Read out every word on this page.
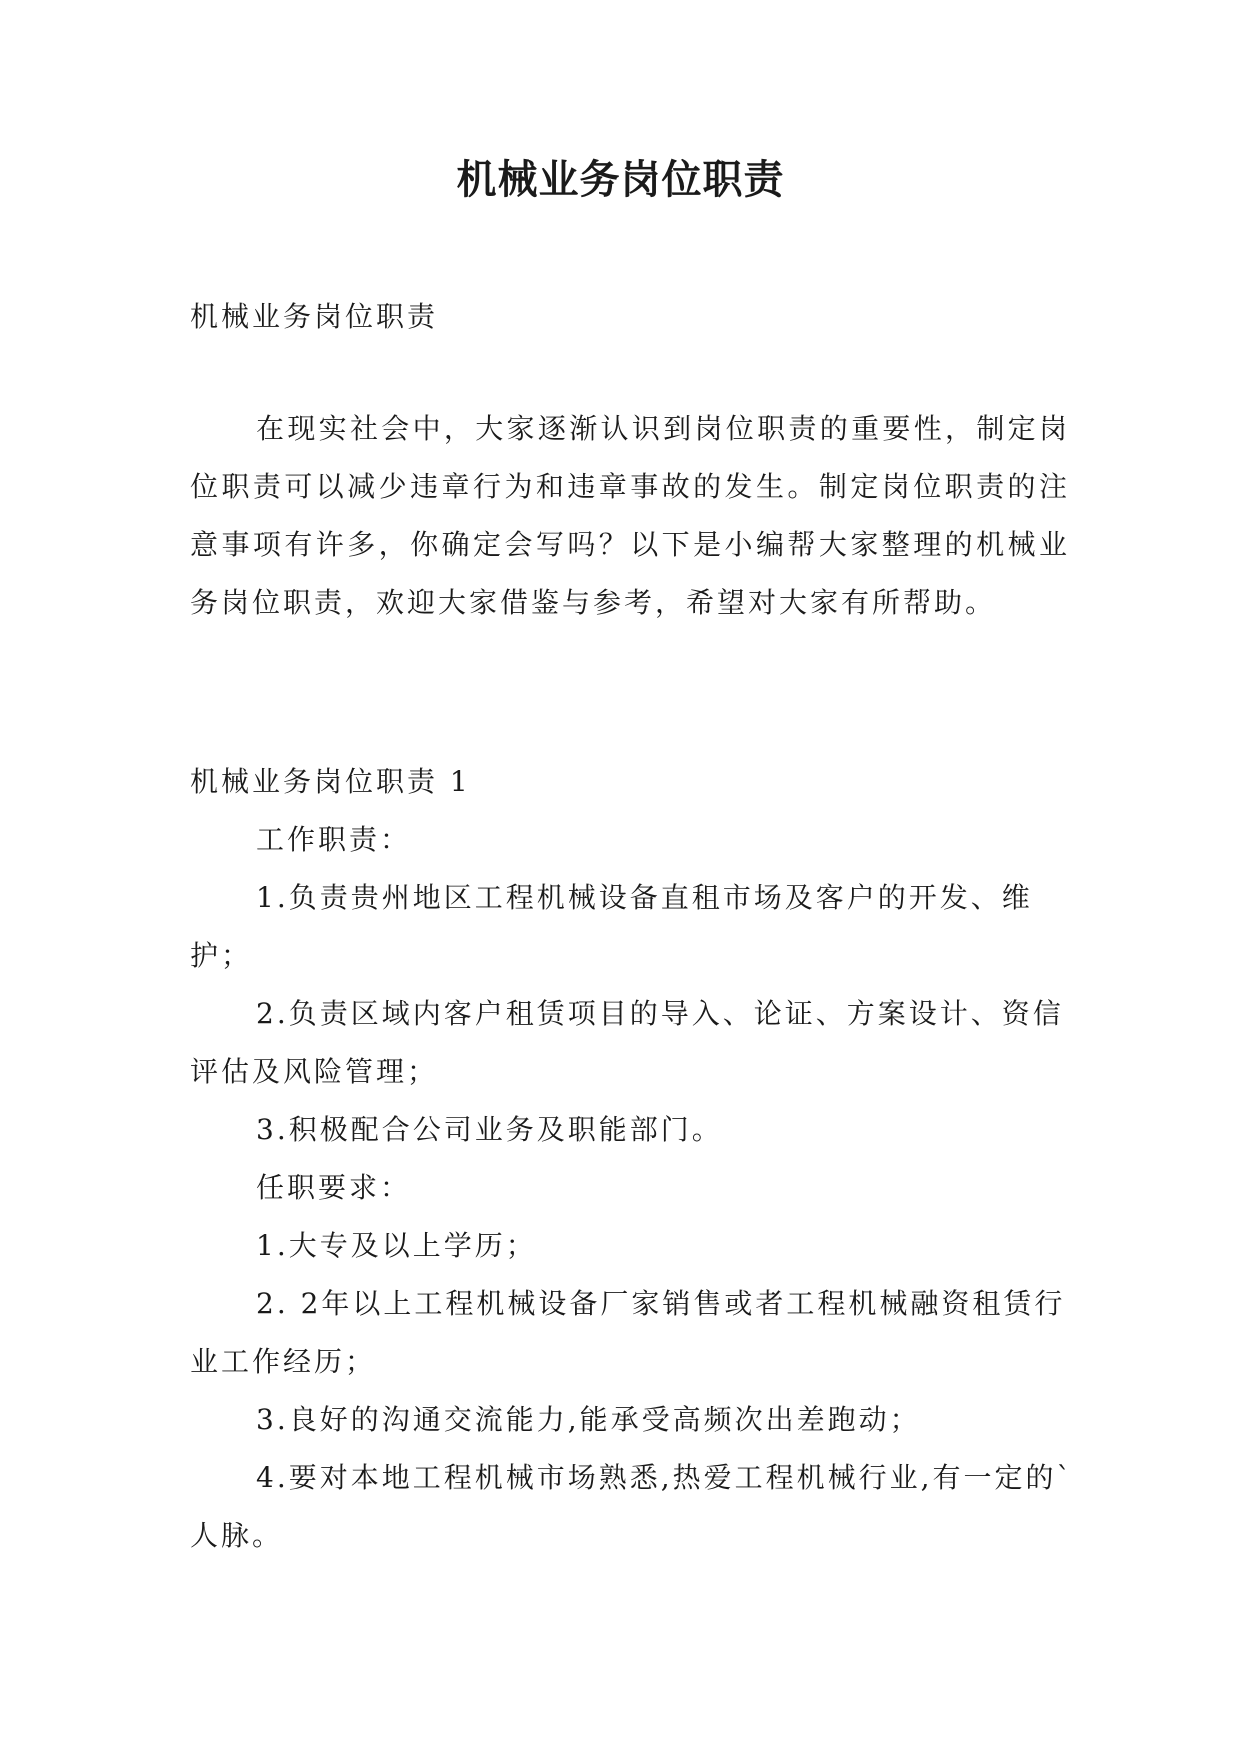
机械业务岗位职责
机械业务岗位职责
在现实社会中，大家逐渐认识到岗位职责的重要性，制定岗位职责可以减少违章行为和违章事故的发生。制定岗位职责的注意事项有许多，你确定会写吗？以下是小编帮大家整理的机械业务岗位职责，欢迎大家借鉴与参考，希望对大家有所帮助。
机械业务岗位职责 1
工作职责：
1.负责贵州地区工程机械设备直租市场及客户的开发、维护；
2.负责区域内客户租赁项目的导入、论证、方案设计、资信评估及风险管理；
3.积极配合公司业务及职能部门。
任职要求：
1.大专及以上学历；
2. 2年以上工程机械设备厂家销售或者工程机械融资租赁行业工作经历；
3.良好的沟通交流能力,能承受高频次出差跑动；
4.要对本地工程机械市场熟悉,热爱工程机械行业,有一定的`人脉。
